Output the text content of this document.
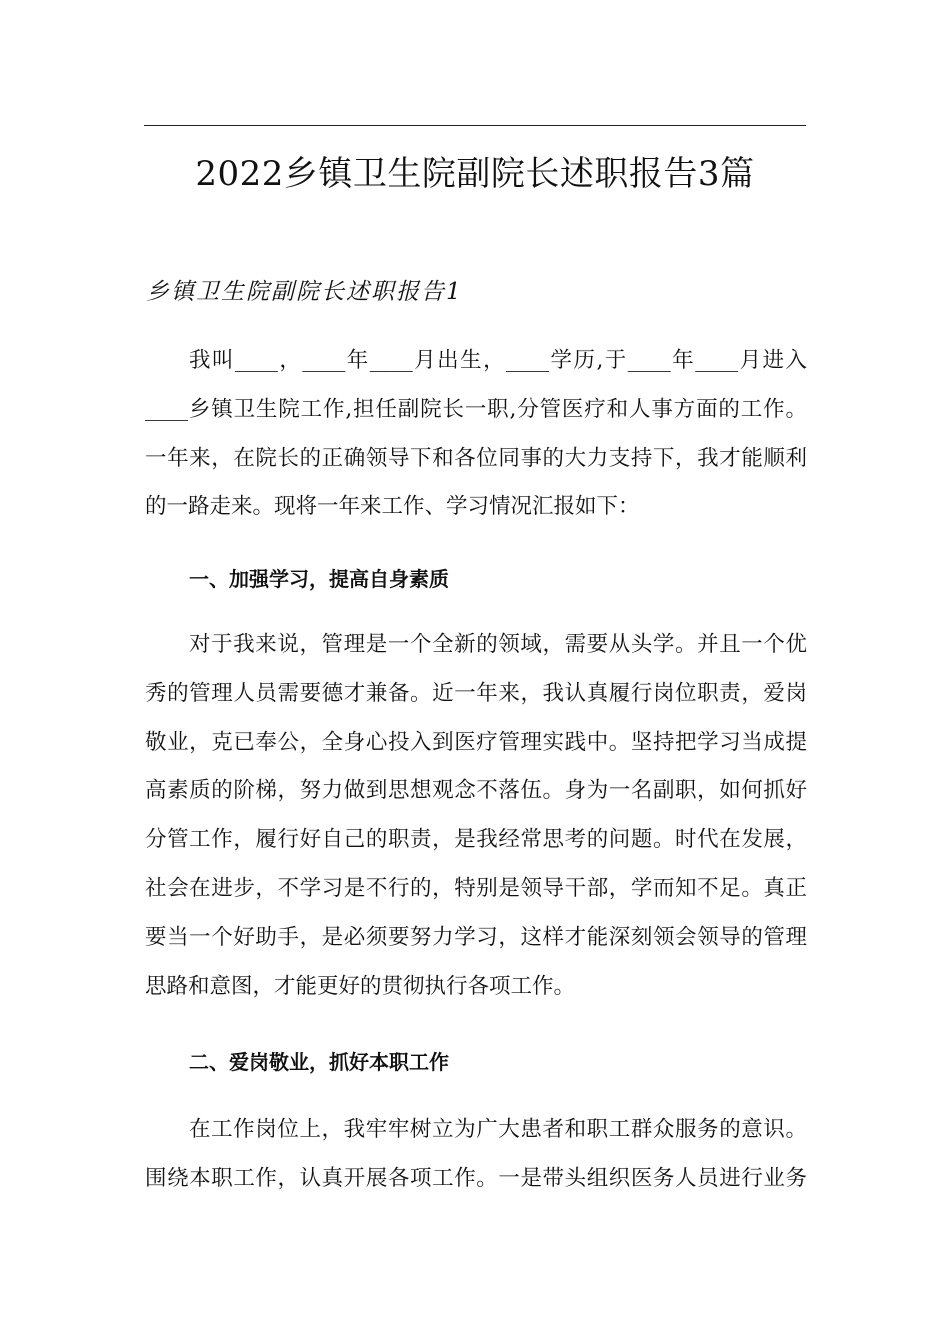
2022乡镇卫生院副院长述职报告3篇
乡镇卫生院副院长述职报告1
我叫____，____年____月出生，____学历,于____年____月进入
____乡镇卫生院工作,担任副院长一职,分管医疗和人事方面的工作。
一年来，在院长的正确领导下和各位同事的大力支持下，我才能顺利
的一路走来。现将一年来工作、学习情况汇报如下：
一、加强学习，提高自身素质
对于我来说，管理是一个全新的领域，需要从头学。并且一个优
秀的管理人员需要德才兼备。近一年来，我认真履行岗位职责，爱岗
敬业，克已奉公，全身心投入到医疗管理实践中。坚持把学习当成提
高素质的阶梯，努力做到思想观念不落伍。身为一名副职，如何抓好
分管工作，履行好自己的职责，是我经常思考的问题。时代在发展，
社会在进步，不学习是不行的，特别是领导干部，学而知不足。真正
要当一个好助手，是必须要努力学习，这样才能深刻领会领导的管理
思路和意图，才能更好的贯彻执行各项工作。
二、爱岗敬业，抓好本职工作
在工作岗位上，我牢牢树立为广大患者和职工群众服务的意识。
围绕本职工作，认真开展各项工作。一是带头组织医务人员进行业务
